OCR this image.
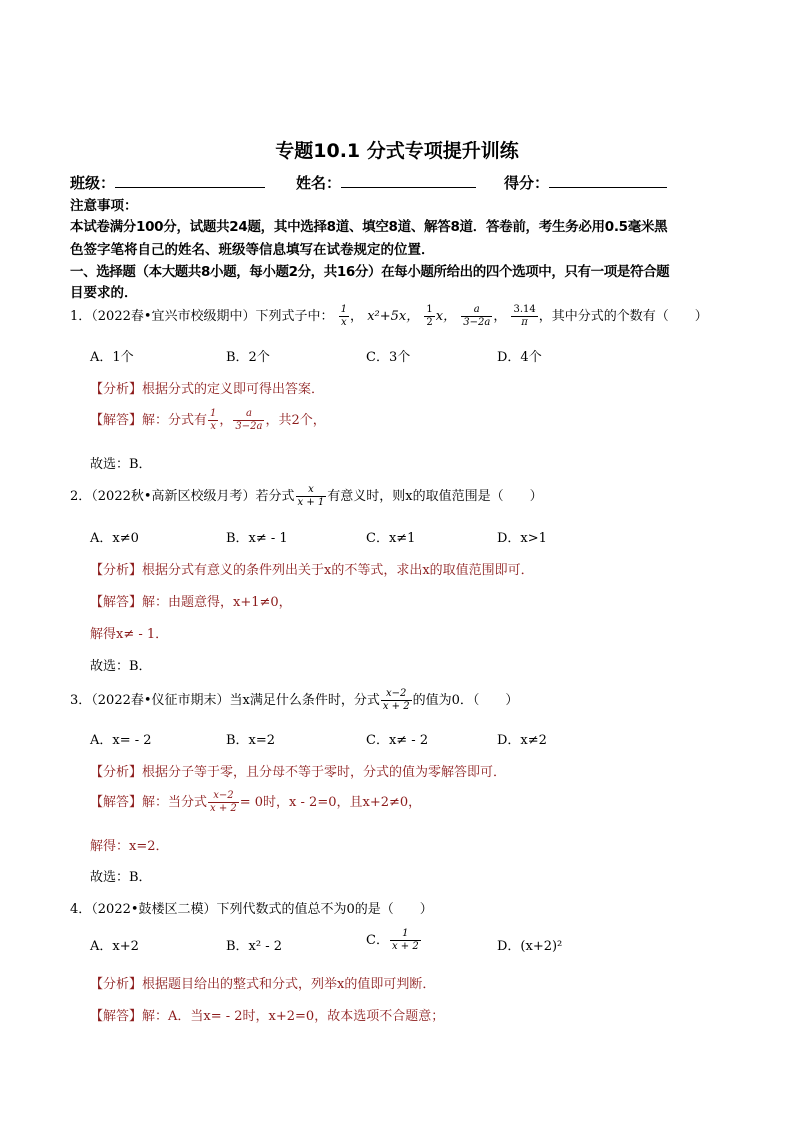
专题10.1 分式专项提升训练
班级：	姓名：	得分：
注意事项：
本试卷满分100分，试题共24题，其中选择8道、填空8道、解答8道．答卷前，考生务必用0.5毫米黑
色签字笔将自己的姓名、班级等信息填写在试卷规定的位置．
一、选择题（本大题共8小题，每小题2分，共16分）在每小题所给出的四个选项中，只有一项是符合题
目要求的．
1．（2022春•宜兴市校级期中）下列式子中： $\frac{1}{x}$ ， x²+5x， $\frac{1}{2}$ x， $\frac{a}{3-2a}$ ， $\frac{3.14}{\pi}$ ，其中分式的个数有（　　）
A．1个	B．2个	C．3个	D．4个
【分析】根据分式的定义即可得出答案．
【解答】解：分式有 $\frac{1}{x}$ ， $\frac{a}{3-2a}$ ，共2个，
故选：B．
2．（2022秋•高新区校级月考）若分式 $\frac{x}{x + 1}$ 有意义时，则x的取值范围是（　　）
A．x≠0	B．x≠ - 1	C．x≠1	D．x>1
【分析】根据分式有意义的条件列出关于x的不等式，求出x的取值范围即可．
【解答】解：由题意得，x+1≠0，
解得x≠ - 1．
故选：B．
3．（2022春•仪征市期末）当x满足什么条件时，分式 $\frac{x-2}{x + 2}$ 的值为0．（　　）
A．x= - 2	B．x=2	C．x≠ - 2	D．x≠2
【分析】根据分子等于零，且分母不等于零时，分式的值为零解答即可．
【解答】解：当分式 $\frac{x-2}{x + 2} = 0$时，x - 2=0，且x+2≠0，
解得：x=2．
故选：B．
4．（2022•鼓楼区二模）下列代数式的值总不为0的是（　　）
A．x+2	B．x² - 2	C． $\frac{1}{x + 2}$	D．(x+2)²
【分析】根据题目给出的整式和分式，列举x的值即可判断．
【解答】解：A．当x= - 2时，x+2=0，故本选项不合题意；
